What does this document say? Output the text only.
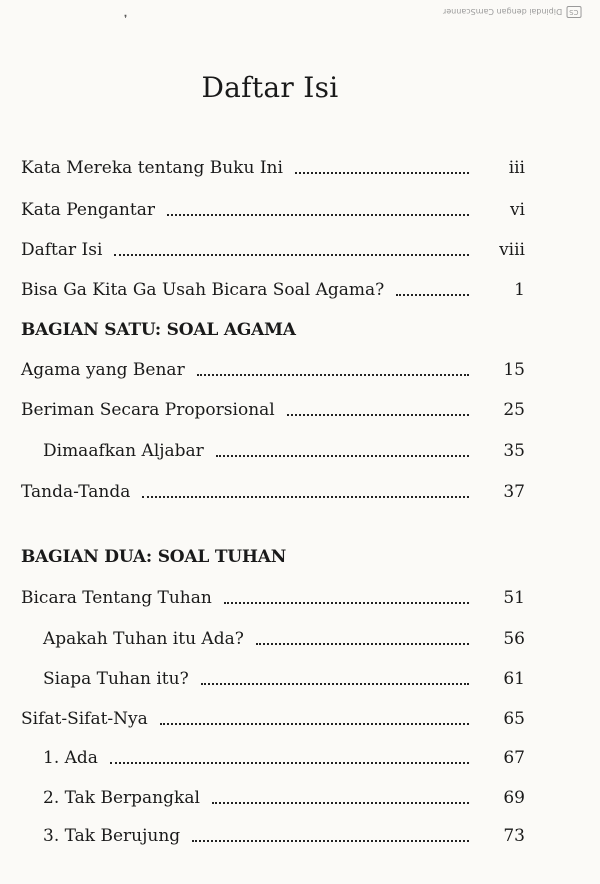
CS
Dipindai dengan CamScanner
❜
Daftar Isi
Kata Mereka tentang Buku Ini	iii
Kata Pengantar	vi
Daftar Isi	viii
Bisa Ga Kita Ga Usah Bicara Soal Agama?	1
BAGIAN SATU: SOAL AGAMA
Agama yang Benar	15
Beriman Secara Proporsional	25
Dimaafkan Aljabar	35
Tanda-Tanda	37
BAGIAN DUA: SOAL TUHAN
Bicara Tentang Tuhan	51
Apakah Tuhan itu Ada?	56
Siapa Tuhan itu?	61
Sifat-Sifat-Nya	65
1. Ada	67
2. Tak Berpangkal	69
3. Tak Berujung	73
